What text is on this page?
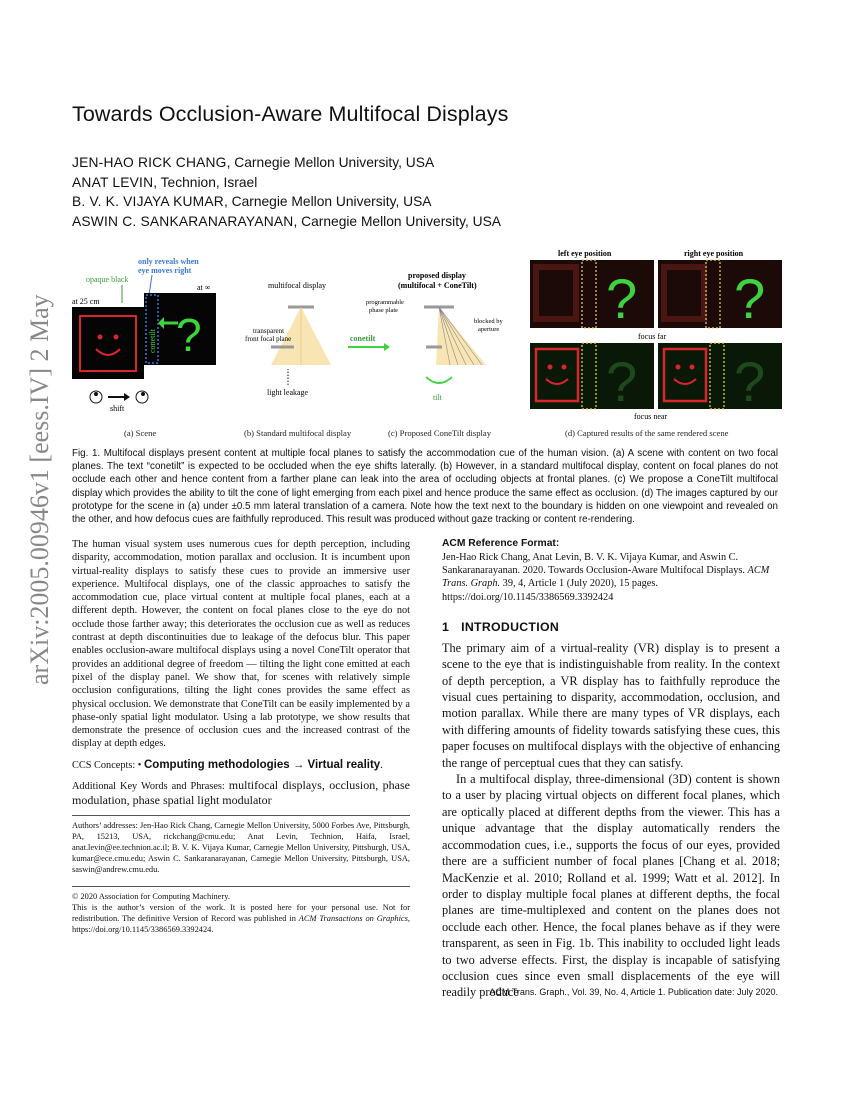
arXiv:2005.00946v1 [eess.IV] 2 May 2020
Towards Occlusion-Aware Multifocal Displays
JEN-HAO RICK CHANG, Carnegie Mellon University, USA
ANAT LEVIN, Technion, Israel
B. V. K. VIJAYA KUMAR, Carnegie Mellon University, USA
ASWIN C. SANKARANARAYANAN, Carnegie Mellon University, USA
opaque black
only reveals when
eye moves right
at 25 cm
at ∞
conetilt ?
shift
multifocal display
transparent
front focal plane
light leakage
conetilt
proposed display
(multifocal + ConeTilt)
programmable
phase plate
blocked by
aperture
tilt
left eye position	right eye position
? ?
focus far
? ?
focus near
(a) Scene	(b) Standard multifocal display	(c) Proposed ConeTilt display	(d) Captured results of the same rendered scene
Fig. 1. Multifocal displays present content at multiple focal planes to satisfy the accommodation cue of the human vision. (a) A scene with content on two focal planes. The text “conetilt” is expected to be occluded when the eye shifts laterally. (b) However, in a standard multifocal display, content on focal planes do not occlude each other and hence content from a farther plane can leak into the area of occluding objects at frontal planes. (c) We propose a ConeTilt multifocal display which provides the ability to tilt the cone of light emerging from each pixel and hence produce the same effect as occlusion. (d) The images captured by our prototype for the scene in (a) under ±0.5 mm lateral translation of a camera. Note how the text next to the boundary is hidden on one viewpoint and revealed on the other, and how defocus cues are faithfully reproduced. This result was produced without gaze tracking or content re-rendering.

The human visual system uses numerous cues for depth perception, including disparity, accommodation, motion parallax and occlusion. It is incumbent upon virtual-reality displays to satisfy these cues to provide an immersive user experience. Multifocal displays, one of the classic approaches to satisfy the accommodation cue, place virtual content at multiple focal planes, each at a different depth. However, the content on focal planes close to the eye do not occlude those farther away; this deteriorates the occlusion cue as well as reduces contrast at depth discontinuities due to leakage of the defocus blur. This paper enables occlusion-aware multifocal displays using a novel ConeTilt operator that provides an additional degree of freedom — tilting the light cone emitted at each pixel of the display panel. We show that, for scenes with relatively simple occlusion configurations, tilting the light cones provides the same effect as physical occlusion. We demonstrate that ConeTilt can be easily implemented by a phase-only spatial light modulator. Using a lab prototype, we show results that demonstrate the presence of occlusion cues and the increased contrast of the display at depth edges.

CCS Concepts: • Computing methodologies → Virtual reality.

Additional Key Words and Phrases: multifocal displays, occlusion, phase modulation, phase spatial light modulator

Authors’ addresses: Jen-Hao Rick Chang, Carnegie Mellon University, 5000 Forbes Ave, Pittsburgh, PA, 15213, USA, rickchang@cmu.edu; Anat Levin, Technion, Haifa, Israel, anat.levin@ee.technion.ac.il; B. V. K. Vijaya Kumar, Carnegie Mellon University, Pittsburgh, USA, kumar@ece.cmu.edu; Aswin C. Sankaranarayanan, Carnegie Mellon University, Pittsburgh, USA, saswin@andrew.cmu.edu.
© 2020 Association for Computing Machinery.
This is the author’s version of the work. It is posted here for your personal use. Not for redistribution. The definitive Version of Record was published in ACM Transactions on Graphics, https://doi.org/10.1145/3386569.3392424.

ACM Reference Format:

Jen-Hao Rick Chang, Anat Levin, B. V. K. Vijaya Kumar, and Aswin C. Sankaranarayanan. 2020. Towards Occlusion-Aware Multifocal Displays. ACM Trans. Graph. 39, 4, Article 1 (July 2020), 15 pages. https://doi.org/10.1145/3386569.3392424

1 INTRODUCTION

The primary aim of a virtual-reality (VR) display is to present a scene to the eye that is indistinguishable from reality. In the context of depth perception, a VR display has to faithfully reproduce the visual cues pertaining to disparity, accommodation, occlusion, and motion parallax. While there are many types of VR displays, each with differing amounts of fidelity towards satisfying these cues, this paper focuses on multifocal displays with the objective of enhancing the range of perceptual cues that they can satisfy.

In a multifocal display, three-dimensional (3D) content is shown to a user by placing virtual objects on different focal planes, which are optically placed at different depths from the viewer. This has a unique advantage that the display automatically renders the accommodation cues, i.e., supports the focus of our eyes, provided there are a sufficient number of focal planes [Chang et al. 2018; MacKenzie et al. 2010; Rolland et al. 1999; Watt et al. 2012]. In order to display multiple focal planes at different depths, the focal planes are time-multiplexed and content on the planes does not occlude each other. Hence, the focal planes behave as if they were transparent, as seen in Fig. 1b. This inability to occluded light leads to two adverse effects. First, the display is incapable of satisfying occlusion cues since even small displacements of the eye will readily produce

ACM Trans. Graph., Vol. 39, No. 4, Article 1. Publication date: July 2020.
